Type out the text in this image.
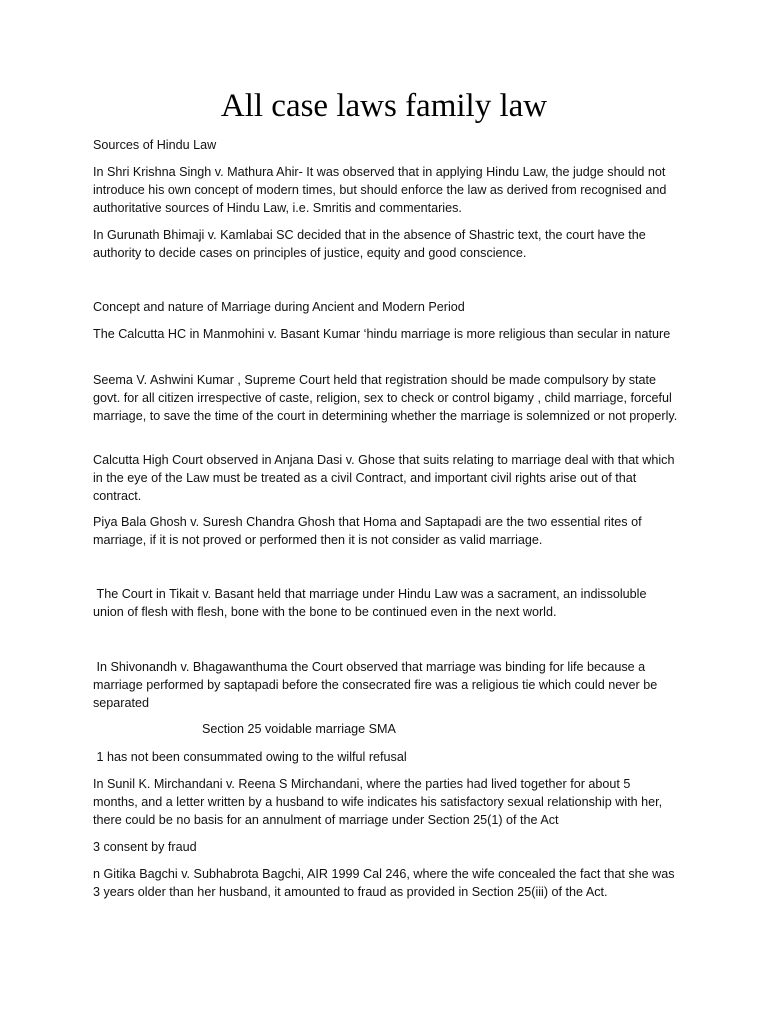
All case laws family law

Sources of Hindu Law

In Shri Krishna Singh v. Mathura Ahir- It was observed that in applying Hindu Law, the judge should not introduce his own concept of modern times, but should enforce the law as derived from recognised and authoritative sources of Hindu Law, i.e. Smritis and commentaries.

In Gurunath Bhimaji v. Kamlabai SC decided that in the absence of Shastric text, the court have the authority to decide cases on principles of justice, equity and good conscience.

Concept and nature of Marriage during Ancient and Modern Period

The Calcutta HC in Manmohini v. Basant Kumar ‘hindu marriage is more religious than secular in nature

Seema V. Ashwini Kumar , Supreme Court held that registration should be made compulsory by state govt. for all citizen irrespective of caste, religion, sex to check or control bigamy , child marriage, forceful marriage, to save the time of the court in determining whether the marriage is solemnized or not properly.

Calcutta High Court observed in Anjana Dasi v. Ghose that suits relating to marriage deal with that which in the eye of the Law must be treated as a civil Contract, and important civil rights arise out of that contract.

Piya Bala Ghosh v. Suresh Chandra Ghosh that Homa and Saptapadi are the two essential rites of marriage, if it is not proved or performed then it is not consider as valid marriage.

The Court in Tikait v. Basant held that marriage under Hindu Law was a sacrament, an indissoluble union of flesh with flesh, bone with the bone to be continued even in the next world.

In Shivonandh v. Bhagawanthuma the Court observed that marriage was binding for life because a marriage performed by saptapadi before the consecrated fire was a religious tie which could never be separated

Section 25 voidable marriage SMA

1 has not been consummated owing to the wilful refusal

In Sunil K. Mirchandani v. Reena S Mirchandani, where the parties had lived together for about 5 months, and a letter written by a husband to wife indicates his satisfactory sexual relationship with her, there could be no basis for an annulment of marriage under Section 25(1) of the Act

3 consent by fraud

n Gitika Bagchi v. Subhabrota Bagchi, AIR 1999 Cal 246, where the wife concealed the fact that she was 3 years older than her husband, it amounted to fraud as provided in Section 25(iii) of the Act.
